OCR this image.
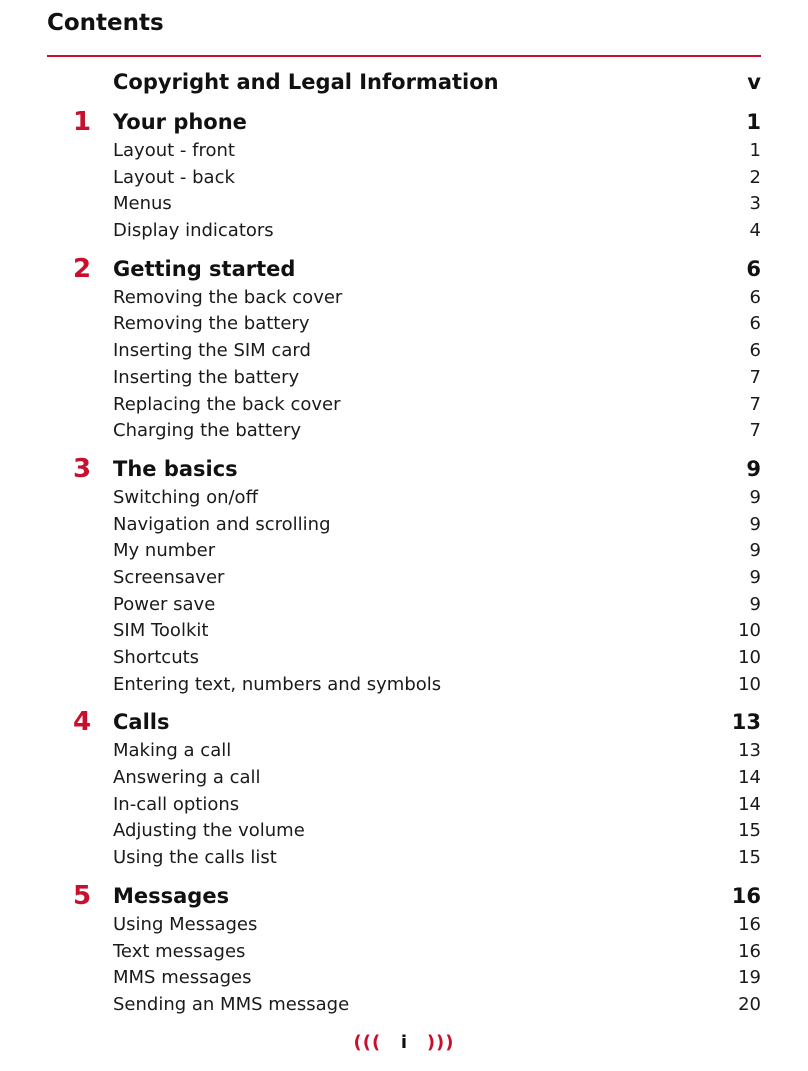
Contents
Copyright and Legal Information	v
1 Your phone	1
Layout - front	1
Layout - back	2
Menus	3
Display indicators	4
2 Getting started	6
Removing the back cover	6
Removing the battery	6
Inserting the SIM card	6
Inserting the battery	7
Replacing the back cover	7
Charging the battery	7
3 The basics	9
Switching on/off	9
Navigation and scrolling	9
My number	9
Screensaver	9
Power save	9
SIM Toolkit	10
Shortcuts	10
Entering text, numbers and symbols	10
4 Calls	13
Making a call	13
Answering a call	14
In-call options	14
Adjusting the volume	15
Using the calls list	15
5 Messages	16
Using Messages	16
Text messages	16
MMS messages	19
Sending an MMS message	20
((( i )))
